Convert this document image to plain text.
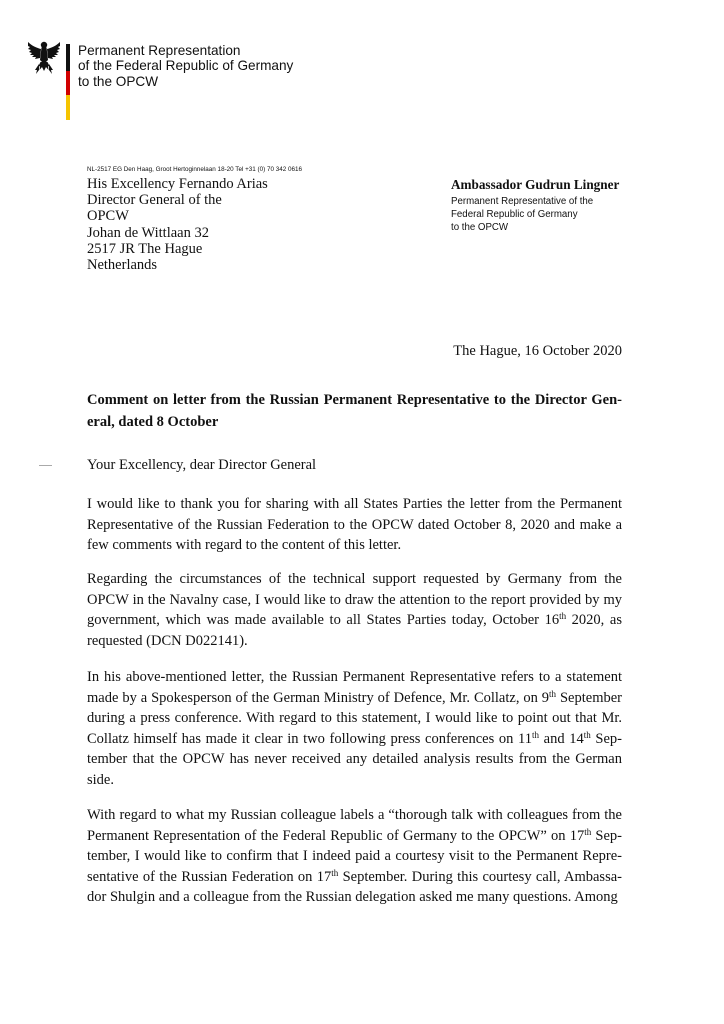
Permanent Representation
of the Federal Republic of Germany
to the OPCW
NL-2517 EG Den Haag, Groot Hertoginnelaan 18-20 Tel +31 (0) 70 342 0616
His Excellency Fernando Arias
Director General of the
OPCW
Johan de Wittlaan 32
2517 JR The Hague
Netherlands
Ambassador Gudrun Lingner
Permanent Representative of the
Federal Republic of Germany
to the OPCW
The Hague, 16 October 2020
Comment on letter from the Russian Permanent Representative to the Director General, dated 8 October
Your Excellency, dear Director General
I would like to thank you for sharing with all States Parties the letter from the Permanent Representative of the Russian Federation to the OPCW dated October 8, 2020 and make a few comments with regard to the content of this letter.
Regarding the circumstances of the technical support requested by Germany from the OPCW in the Navalny case, I would like to draw the attention to the report provided by my government, which was made available to all States Parties today, October 16th 2020, as requested (DCN D022141).
In his above-mentioned letter, the Russian Permanent Representative refers to a statement made by a Spokesperson of the German Ministry of Defence, Mr. Collatz, on 9th September during a press conference. With regard to this statement, I would like to point out that Mr. Collatz himself has made it clear in two following press conferences on 11th and 14th September that the OPCW has never received any detailed analysis results from the German side.
With regard to what my Russian colleague labels a “thorough talk with colleagues from the Permanent Representation of the Federal Republic of Germany to the OPCW” on 17th September, I would like to confirm that I indeed paid a courtesy visit to the Permanent Representative of the Russian Federation on 17th September. During this courtesy call, Ambassador Shulgin and a colleague from the Russian delegation asked me many questions. Among
